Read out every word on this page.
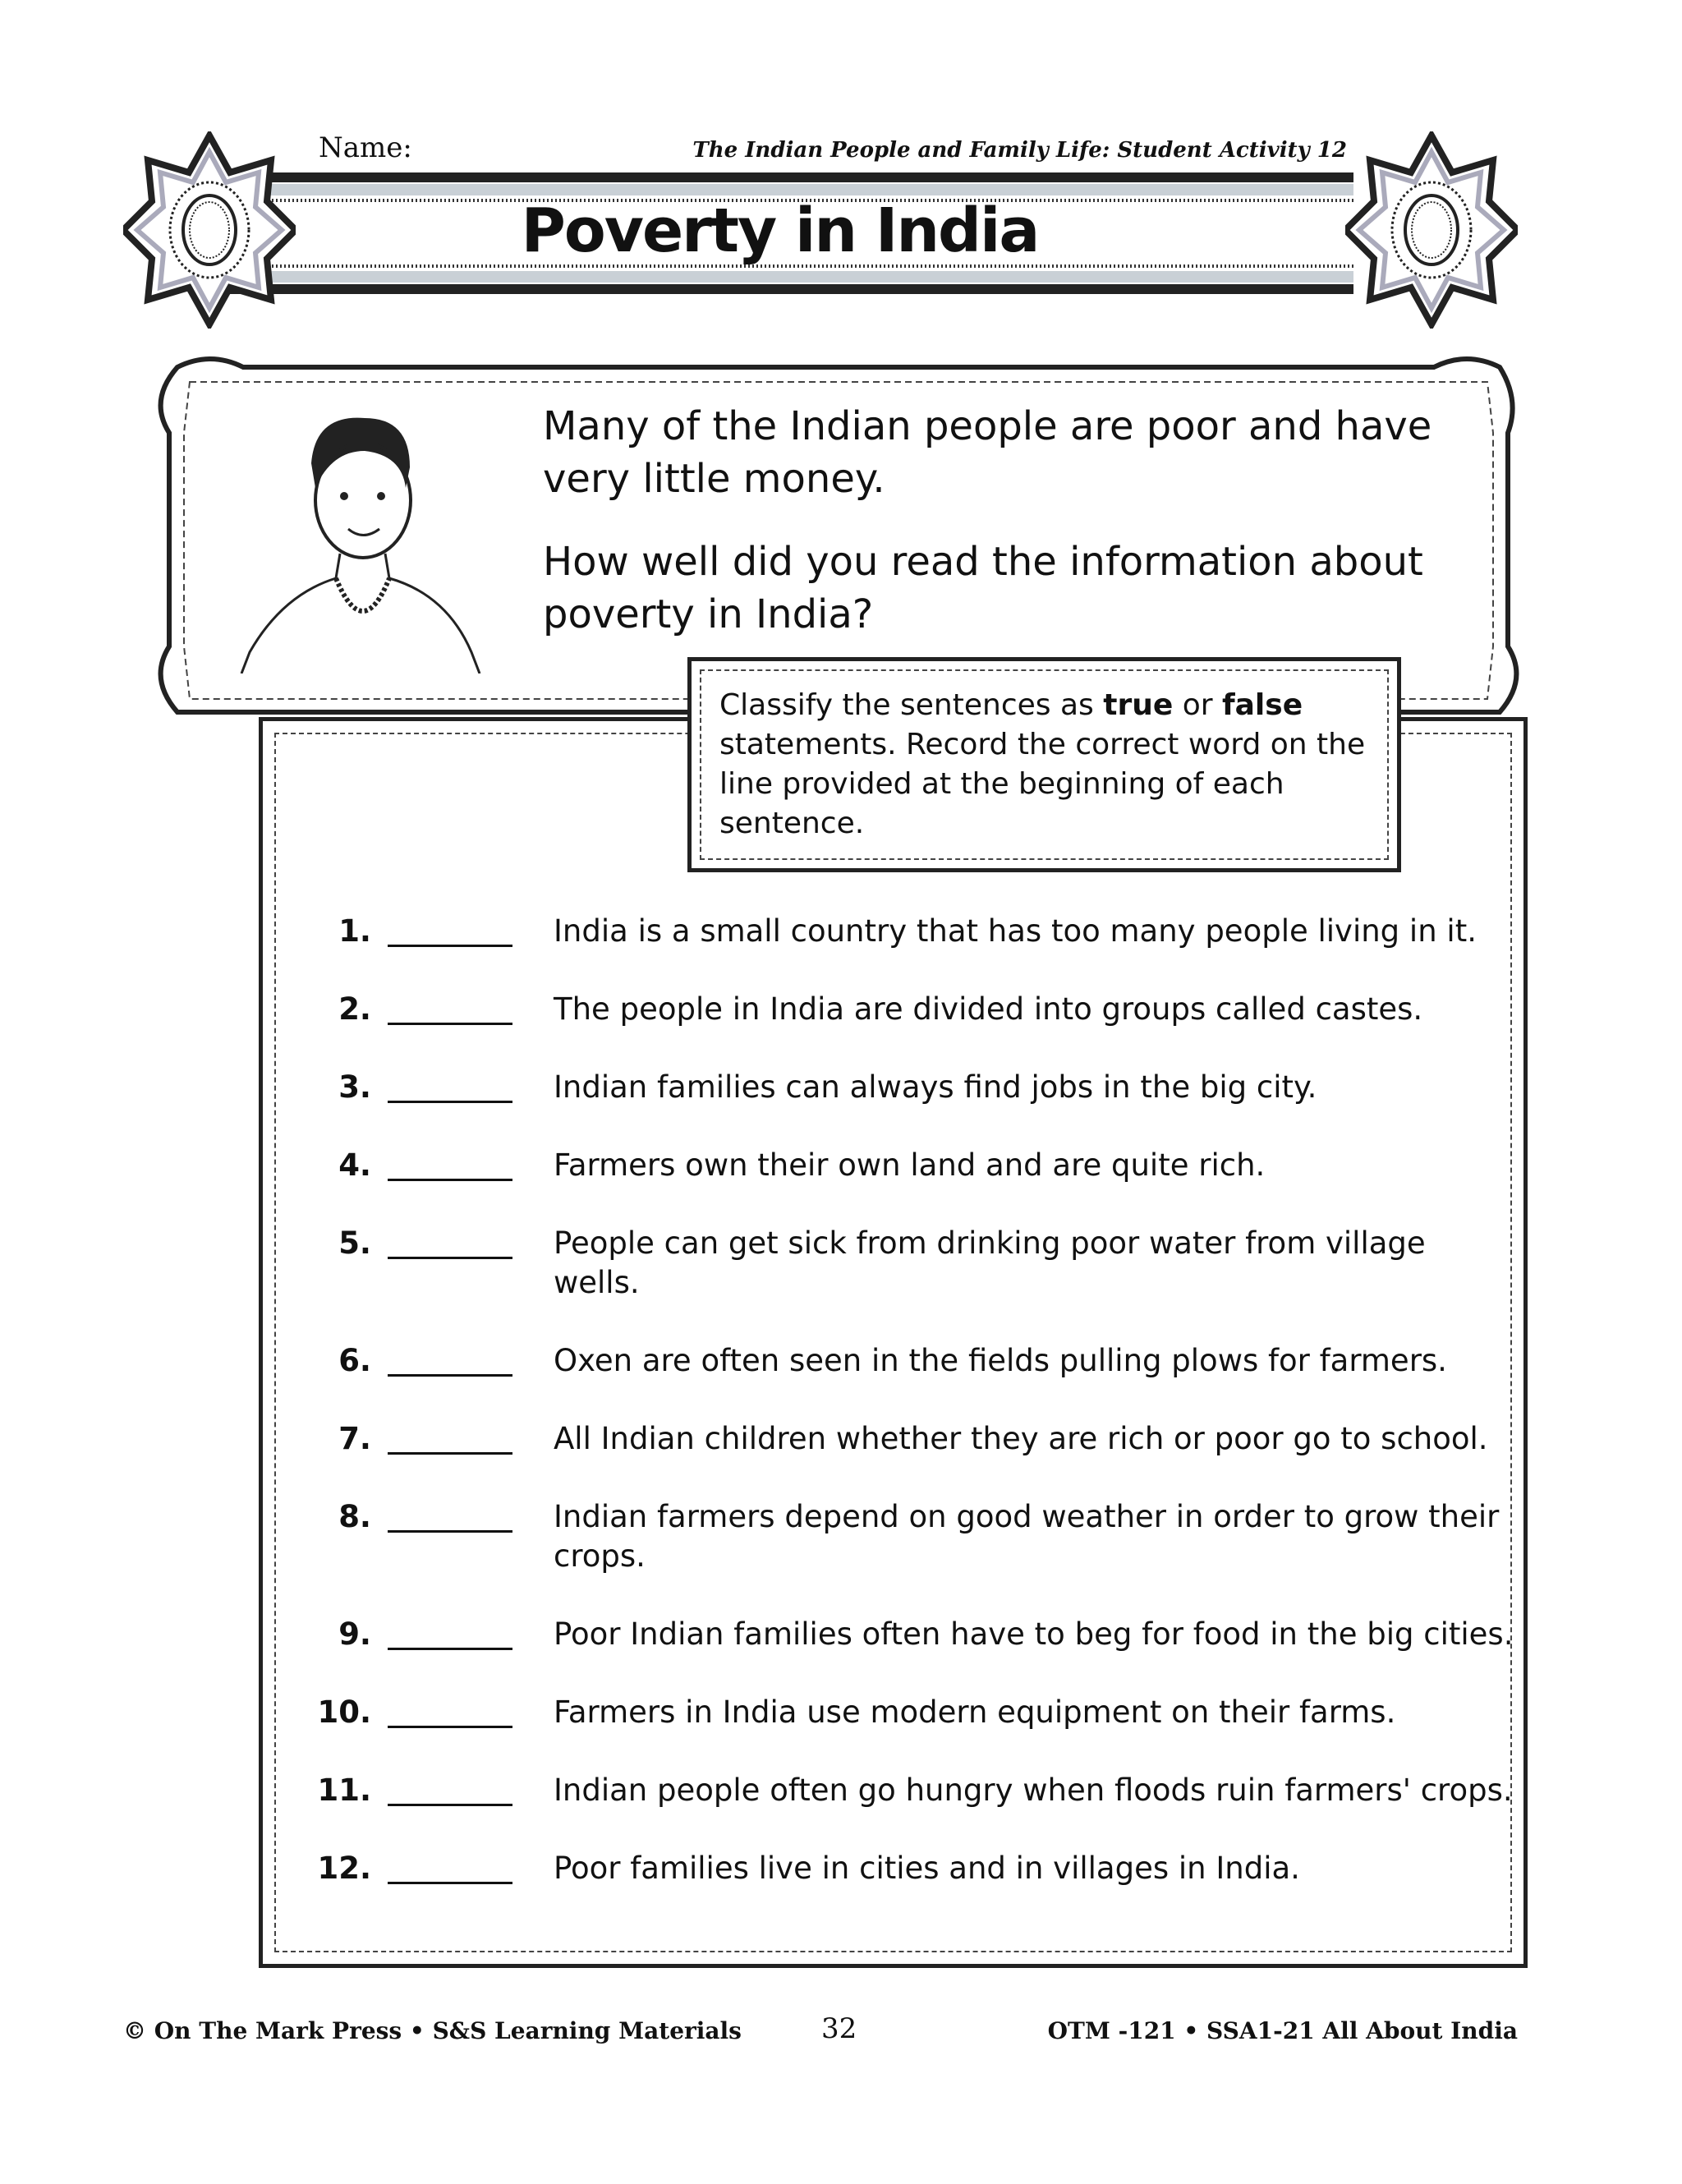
Name:	The Indian People and Family Life: Student Activity 12
Poverty in India
Many of the Indian people are poor and have very little money.
How well did you read the information about poverty in India?
Classify the sentences as true or false statements. Record the correct word on the line provided at the beginning of each sentence.
1.	India is a small country that has too many people living in it.
2.	The people in India are divided into groups called castes.
3.	Indian families can always find jobs in the big city.
4.	Farmers own their own land and are quite rich.
5.	People can get sick from drinking poor water from village wells.
6.	Oxen are often seen in the fields pulling plows for farmers.
7.	All Indian children whether they are rich or poor go to school.
8.	Indian farmers depend on good weather in order to grow their crops.
9.	Poor Indian families often have to beg for food in the big cities.
10.	Farmers in India use modern equipment on their farms.
11.	Indian people often go hungry when floods ruin farmers' crops.
12.	Poor families live in cities and in villages in India.
© On The Mark Press • S&S Learning Materials	32	OTM -121 • SSA1-21 All About India
